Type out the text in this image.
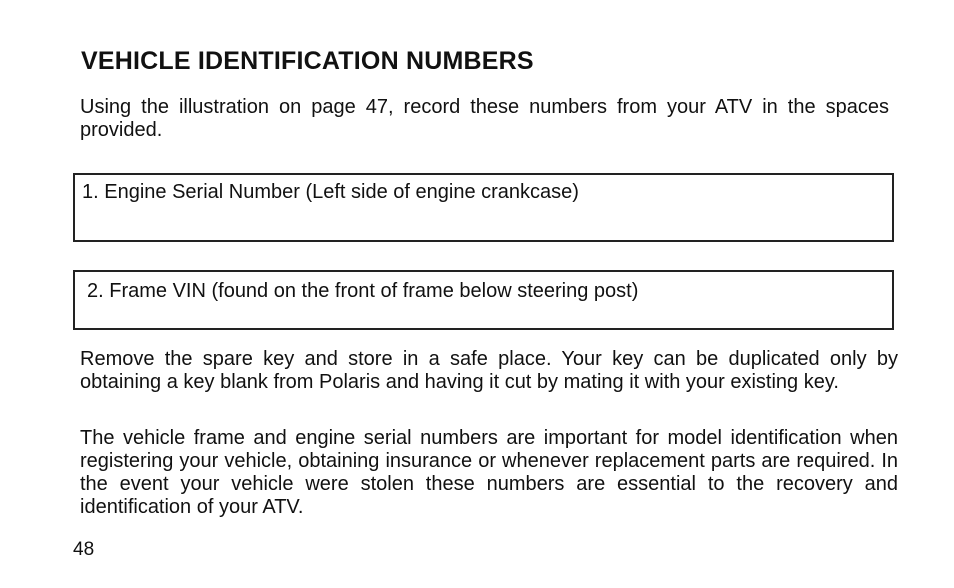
VEHICLE IDENTIFICATION NUMBERS

Using the illustration on page 47, record these numbers from your ATV in the spaces provided.

1. Engine Serial Number (Left side of engine crankcase)
2. Frame VIN (found on the front of frame below steering post)

Remove the spare key and store in a safe place. Your key can be duplicated only by obtaining a key blank from Polaris and having it cut by mating it with your existing key.

The vehicle frame and engine serial numbers are important for model identification when registering your vehicle, obtaining insurance or whenever replacement parts are required. In the event your vehicle were stolen these numbers are essential to the recovery and identification of your ATV.

48
